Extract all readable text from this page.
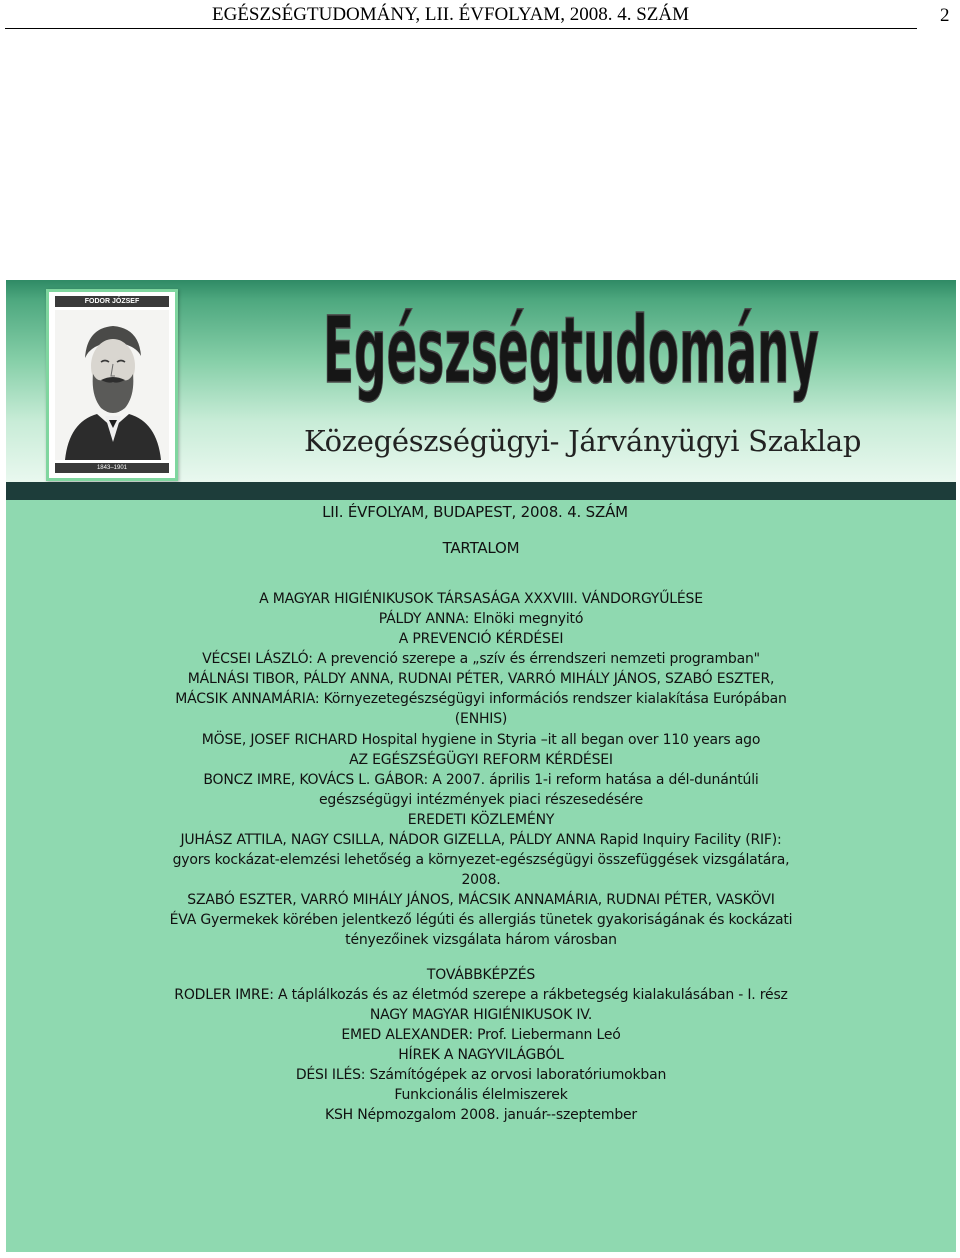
EGÉSZSÉGTUDOMÁNY, LII. ÉVFOLYAM, 2008. 4. SZÁM	2
FODOR JÓZSEF
1843–1901
Egészségtudomány
Közegészségügyi- Járványügyi Szaklap
LII. ÉVFOLYAM, BUDAPEST, 2008. 4. SZÁM
TARTALOM
A MAGYAR HIGIÉNIKUSOK TÁRSASÁGA XXXVIII. VÁNDORGYŰLÉSE
PÁLDY ANNA: Elnöki megnyitó
A PREVENCIÓ KÉRDÉSEI
VÉCSEI LÁSZLÓ: A prevenció szerepe a „szív és érrendszeri nemzeti programban"
MÁLNÁSI TIBOR, PÁLDY ANNA, RUDNAI PÉTER, VARRÓ MIHÁLY JÁNOS, SZABÓ ESZTER,
MÁCSIK ANNAMÁRIA: Környezetegészségügyi információs rendszer kialakítása Európában
(ENHIS)
MÖSE, JOSEF RICHARD Hospital hygiene in Styria –it all began over 110 years ago
AZ EGÉSZSÉGÜGYI REFORM KÉRDÉSEI
BONCZ IMRE, KOVÁCS L. GÁBOR: A 2007. április 1-i reform hatása a dél-dunántúli
egészségügyi intézmények piaci részesedésére
EREDETI KÖZLEMÉNY
JUHÁSZ ATTILA, NAGY CSILLA, NÁDOR GIZELLA, PÁLDY ANNA Rapid Inquiry Facility (RIF):
gyors kockázat-elemzési lehetőség a környezet-egészségügyi összefüggések vizsgálatára,
2008.
SZABÓ ESZTER, VARRÓ MIHÁLY JÁNOS, MÁCSIK ANNAMÁRIA, RUDNAI PÉTER, VASKÖVI
ÉVA Gyermekek körében jelentkező légúti és allergiás tünetek gyakoriságának és kockázati
tényezőinek vizsgálata három városban
TOVÁBBKÉPZÉS
RODLER IMRE: A táplálkozás és az életmód szerepe a rákbetegség kialakulásában - I. rész
NAGY MAGYAR HIGIÉNIKUSOK IV.
EMED ALEXANDER: Prof. Liebermann Leó
HÍREK A NAGYVILÁGBÓL
DÉSI ILÉS: Számítógépek az orvosi laboratóriumokban
Funkcionális élelmiszerek
KSH Népmozgalom 2008. január--szeptember
